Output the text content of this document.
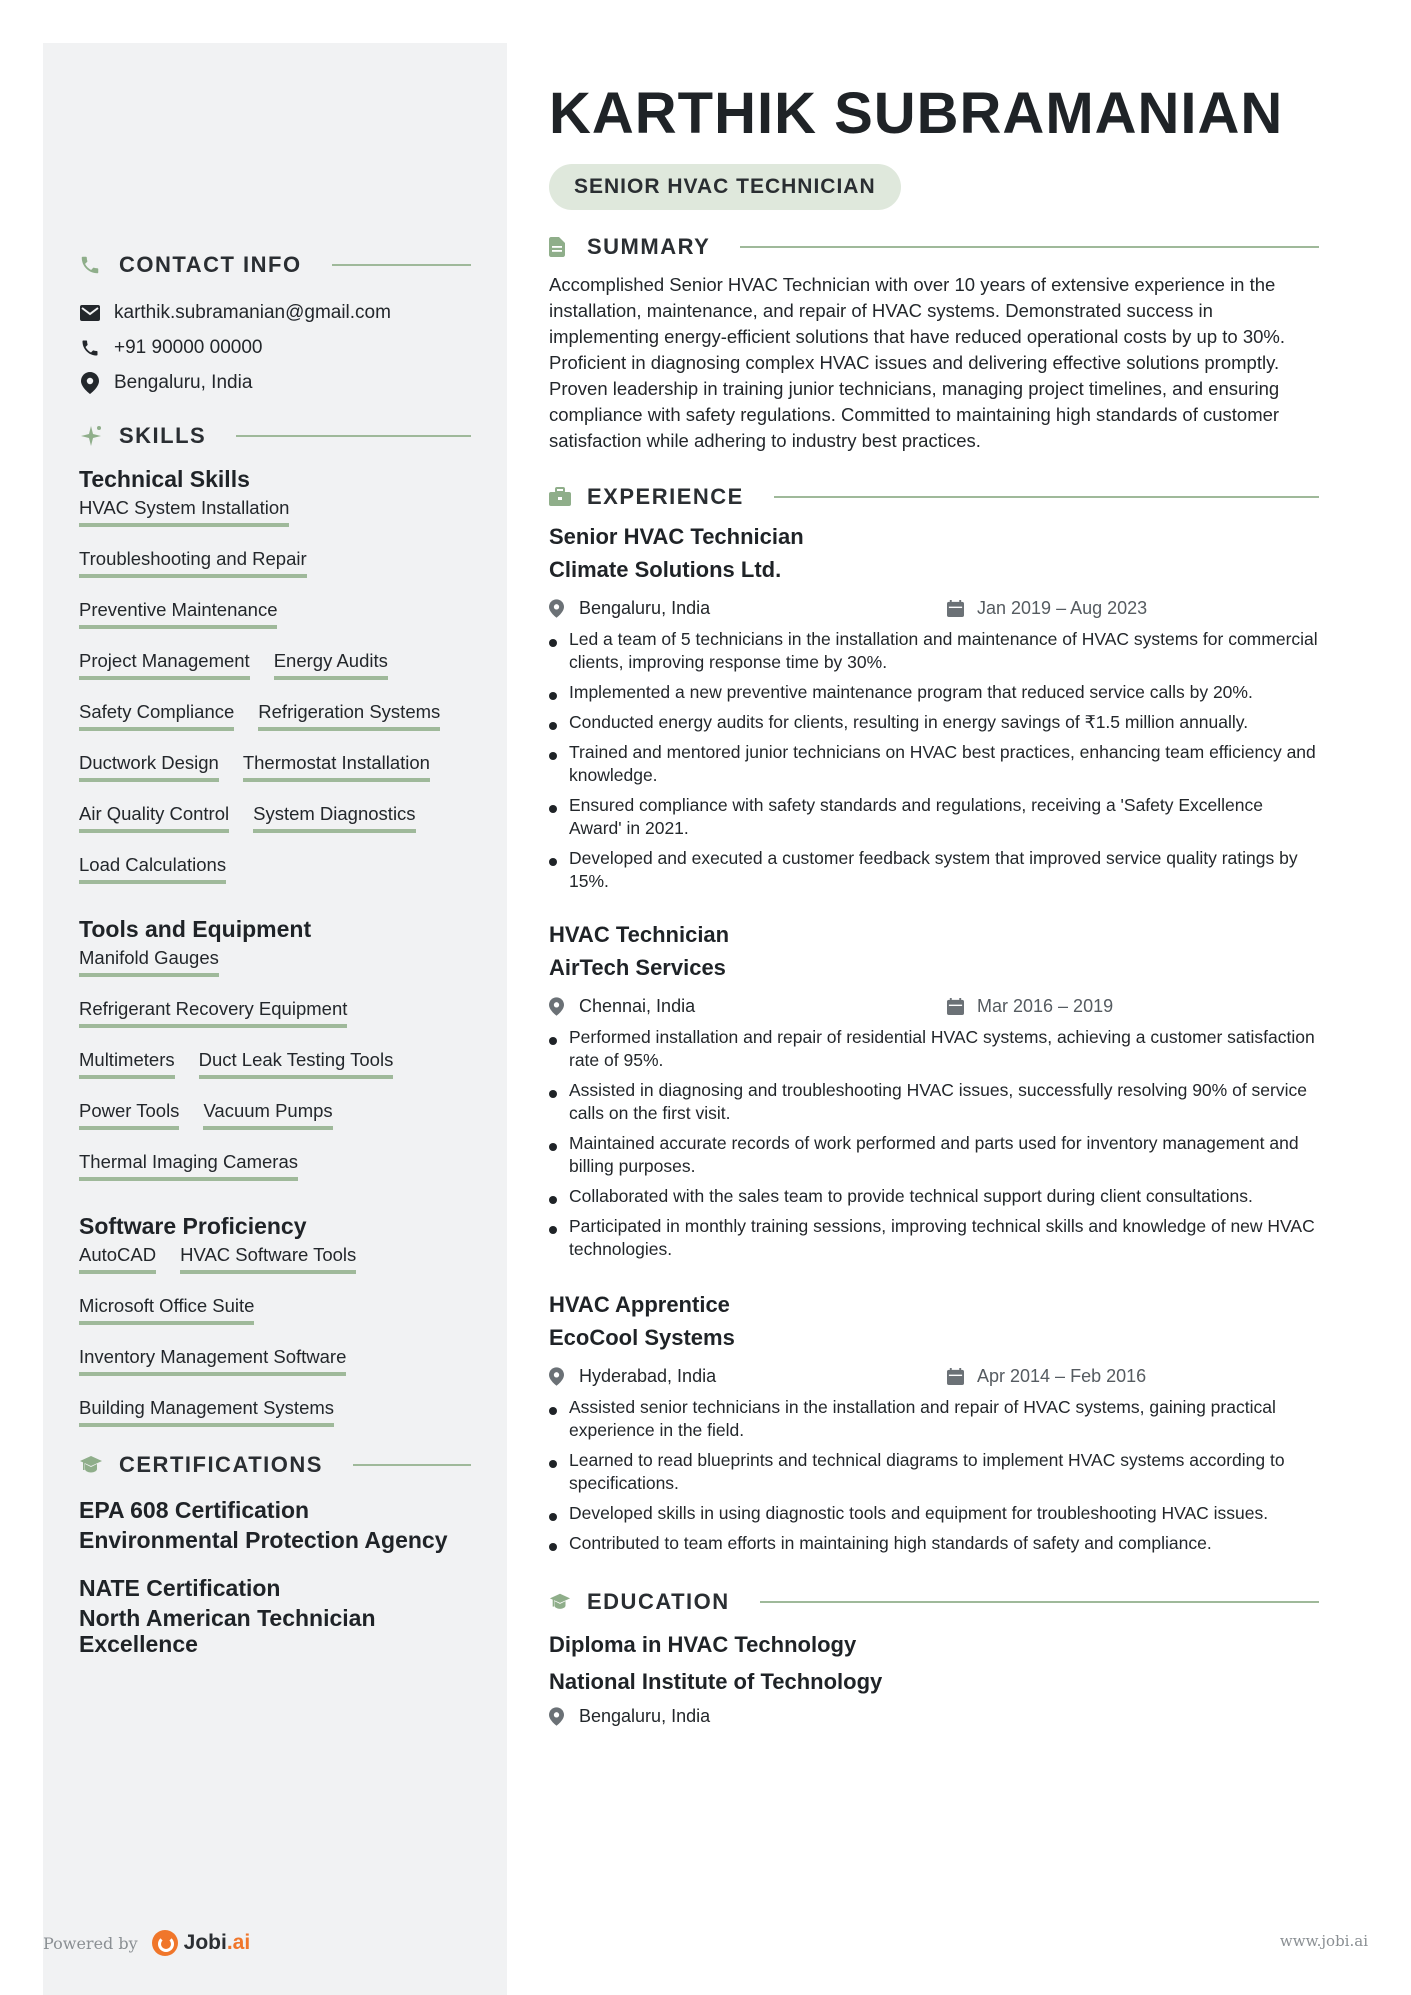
CONTACT INFO
karthik.subramanian@gmail.com
+91 90000 00000
Bengaluru, India
SKILLS
Technical Skills
HVAC System Installation
Troubleshooting and Repair
Preventive Maintenance
Project Management Energy Audits
Safety Compliance Refrigeration Systems
Ductwork Design Thermostat Installation
Air Quality Control System Diagnostics
Load Calculations
Tools and Equipment
Manifold Gauges
Refrigerant Recovery Equipment
Multimeters Duct Leak Testing Tools
Power Tools Vacuum Pumps
Thermal Imaging Cameras
Software Proficiency
AutoCAD HVAC Software Tools
Microsoft Office Suite
Inventory Management Software
Building Management Systems
CERTIFICATIONS
EPA 608 Certification
Environmental Protection Agency
NATE Certification
North American Technician
Excellence
Powered by Jobi.ai	www.jobi.ai
KARTHIK SUBRAMANIAN
SENIOR HVAC TECHNICIAN
SUMMARY
Accomplished Senior HVAC Technician with over 10 years of extensive experience in the installation, maintenance, and repair of HVAC systems. Demonstrated success in implementing energy-efficient solutions that have reduced operational costs by up to 30%. Proficient in diagnosing complex HVAC issues and delivering effective solutions promptly. Proven leadership in training junior technicians, managing project timelines, and ensuring compliance with safety regulations. Committed to maintaining high standards of customer satisfaction while adhering to industry best practices.
EXPERIENCE
Senior HVAC Technician
Climate Solutions Ltd.
Bengaluru, India	Jan 2019 – Aug 2023
Led a team of 5 technicians in the installation and maintenance of HVAC systems for commercial clients, improving response time by 30%.
Implemented a new preventive maintenance program that reduced service calls by 20%.
Conducted energy audits for clients, resulting in energy savings of ₹1.5 million annually.
Trained and mentored junior technicians on HVAC best practices, enhancing team efficiency and knowledge.
Ensured compliance with safety standards and regulations, receiving a 'Safety Excellence Award' in 2021.
Developed and executed a customer feedback system that improved service quality ratings by 15%.
HVAC Technician
AirTech Services
Chennai, India	Mar 2016 – 2019
Performed installation and repair of residential HVAC systems, achieving a customer satisfaction rate of 95%.
Assisted in diagnosing and troubleshooting HVAC issues, successfully resolving 90% of service calls on the first visit.
Maintained accurate records of work performed and parts used for inventory management and billing purposes.
Collaborated with the sales team to provide technical support during client consultations.
Participated in monthly training sessions, improving technical skills and knowledge of new HVAC technologies.
HVAC Apprentice
EcoCool Systems
Hyderabad, India	Apr 2014 – Feb 2016
Assisted senior technicians in the installation and repair of HVAC systems, gaining practical experience in the field.
Learned to read blueprints and technical diagrams to implement HVAC systems according to specifications.
Developed skills in using diagnostic tools and equipment for troubleshooting HVAC issues.
Contributed to team efforts in maintaining high standards of safety and compliance.
EDUCATION
Diploma in HVAC Technology
National Institute of Technology
Bengaluru, India
